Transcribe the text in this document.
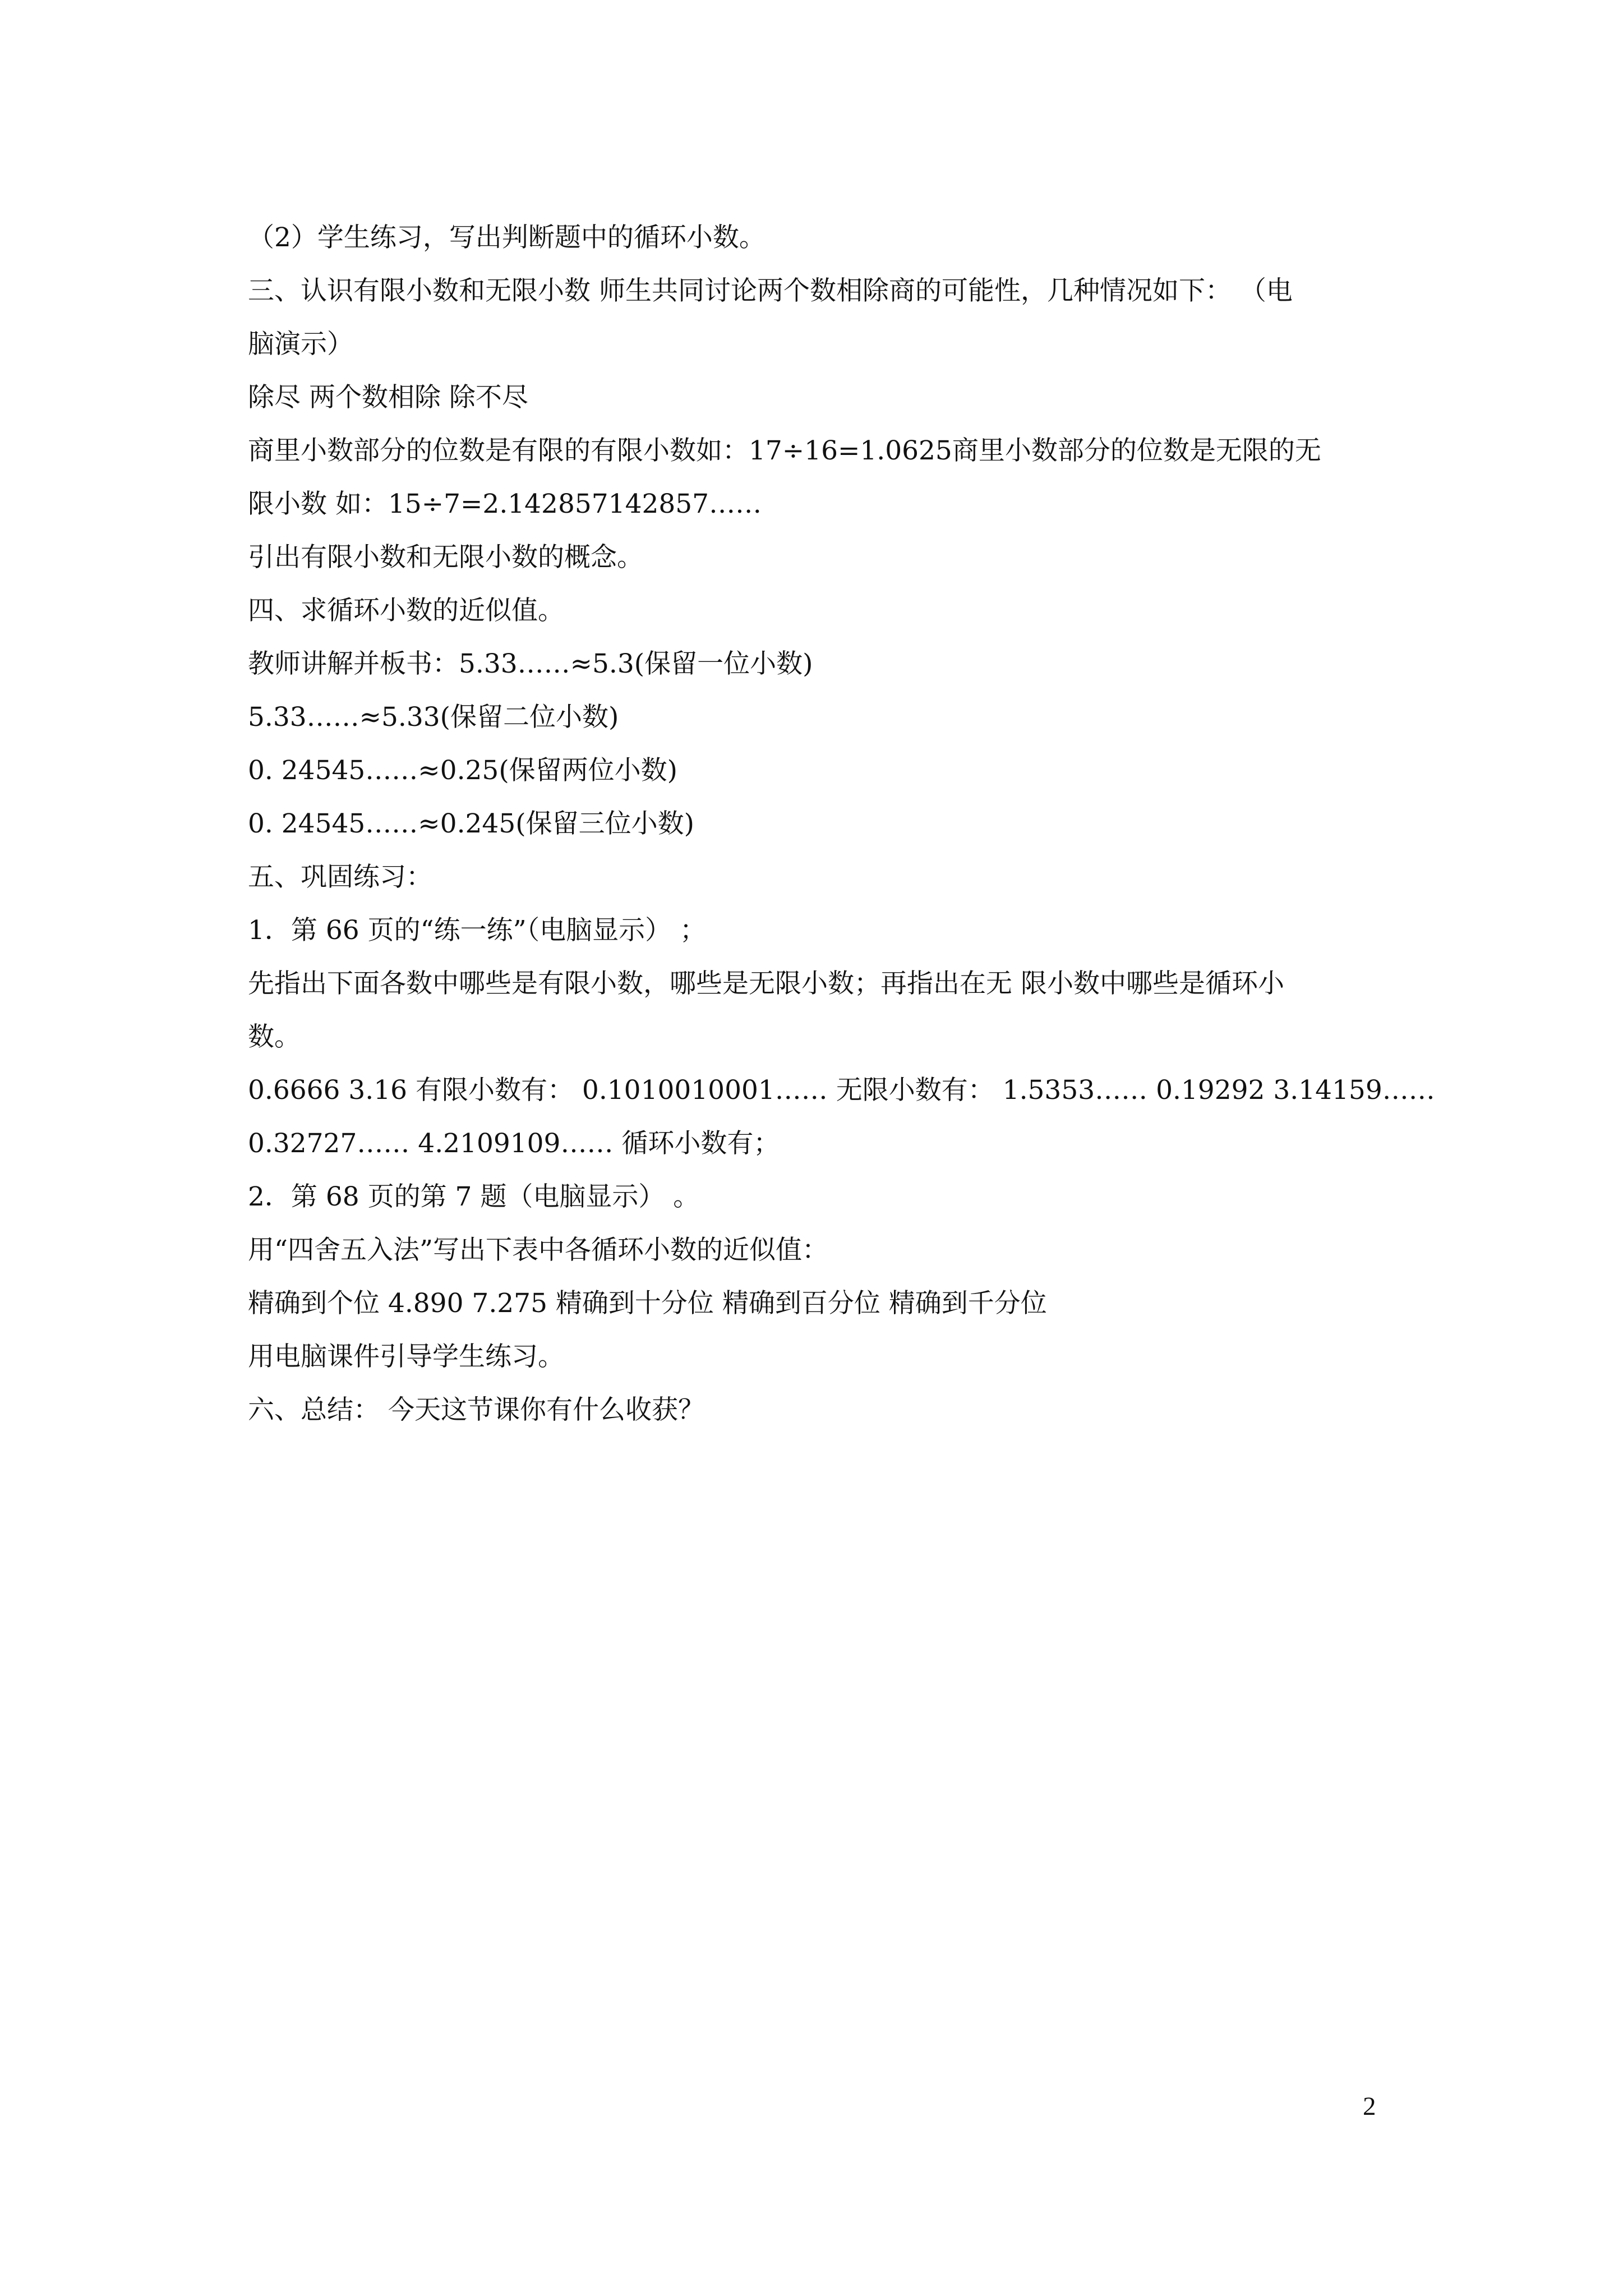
（2）学生练习，写出判断题中的循环小数。
三、认识有限小数和无限小数 师生共同讨论两个数相除商的可能性，几种情况如下： （电
脑演示）
除尽 两个数相除 除不尽
商里小数部分的位数是有限的有限小数如：17÷16=1.0625商里小数部分的位数是无限的无
限小数 如：15÷7=2.142857142857……
引出有限小数和无限小数的概念。
四、求循环小数的近似值。
教师讲解并板书：5.33……≈5.3(保留一位小数)
5.33……≈5.33(保留二位小数)
0. 24545……≈0.25(保留两位小数)
0. 24545……≈0.245(保留三位小数)
五、巩固练习：
1．第 66 页的“练一练”（电脑显示） ；
先指出下面各数中哪些是有限小数，哪些是无限小数；再指出在无 限小数中哪些是循环小
数。
0.6666 3.16 有限小数有： 0.1010010001…… 无限小数有： 1.5353…… 0.19292 3.14159……
0.32727…… 4.2109109…… 循环小数有；
2．第 68 页的第 7 题（电脑显示） 。
用“四舍五入法”写出下表中各循环小数的近似值：
精确到个位 4.890 7.275 精确到十分位 精确到百分位 精确到千分位
用电脑课件引导学生练习。
六、总结： 今天这节课你有什么收获？
2
